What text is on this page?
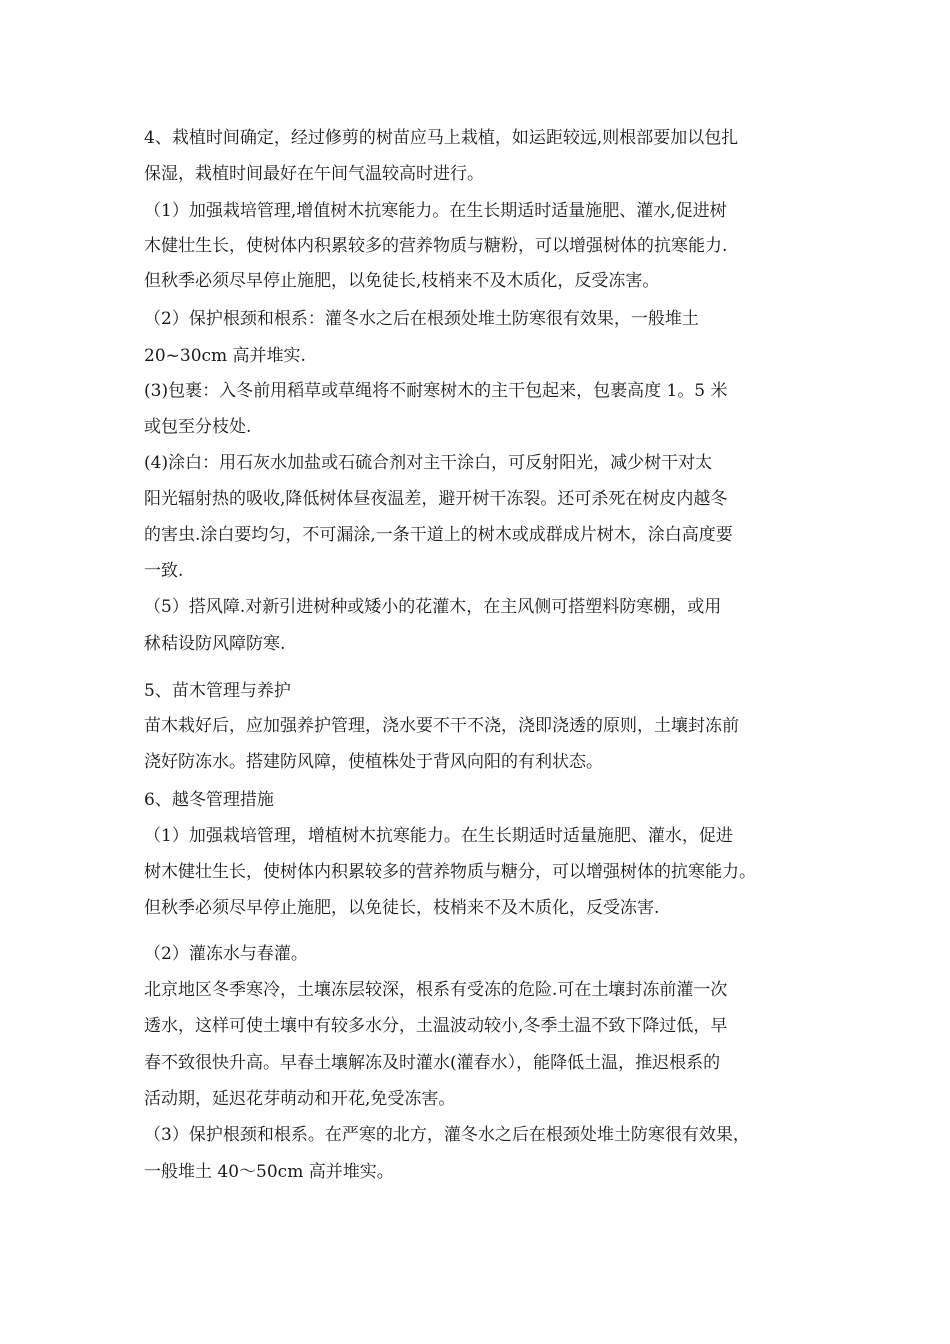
4、栽植时间确定，经过修剪的树苗应马上栽植，如运距较远,则根部要加以包扎

保湿，栽植时间最好在午间气温较高时进行。

（1）加强栽培管理,增值树木抗寒能力。在生长期适时适量施肥、灌水,促进树

木健壮生长，使树体内积累较多的营养物质与糖粉，可以增强树体的抗寒能力.

但秋季必须尽早停止施肥，以免徒长,枝梢来不及木质化，反受冻害。

（2）保护根颈和根系：灌冬水之后在根颈处堆土防寒很有效果，一般堆土

20~30cm 高并堆实.

(3)包裹：入冬前用稻草或草绳将不耐寒树木的主干包起来，包裹高度 1。5 米

或包至分枝处.

(4)涂白：用石灰水加盐或石硫合剂对主干涂白，可反射阳光，减少树干对太

阳光辐射热的吸收,降低树体昼夜温差，避开树干冻裂。还可杀死在树皮内越冬

的害虫.涂白要均匀，不可漏涂,一条干道上的树木或成群成片树木，涂白高度要

一致.

（5）搭风障.对新引进树种或矮小的花灌木，在主风侧可搭塑料防寒棚，或用

秫秸设防风障防寒.

5、苗木管理与养护

苗木栽好后，应加强养护管理，浇水要不干不浇，浇即浇透的原则，土壤封冻前

浇好防冻水。搭建防风障，使植株处于背风向阳的有利状态。

6、越冬管理措施

（1）加强栽培管理，增植树木抗寒能力。在生长期适时适量施肥、灌水，促进

树木健壮生长，使树体内积累较多的营养物质与糖分，可以增强树体的抗寒能力。

但秋季必须尽早停止施肥，以免徒长，枝梢来不及木质化，反受冻害.

（2）灌冻水与春灌。

北京地区冬季寒冷，土壤冻层较深，根系有受冻的危险.可在土壤封冻前灌一次

透水，这样可使土壤中有较多水分，土温波动较小,冬季土温不致下降过低，早

春不致很快升高。早春土壤解冻及时灌水(灌春水），能降低土温，推迟根系的

活动期，延迟花芽萌动和开花,免受冻害。

（3）保护根颈和根系。在严寒的北方，灌冬水之后在根颈处堆土防寒很有效果，

一般堆土 40～50cm 高并堆实。
